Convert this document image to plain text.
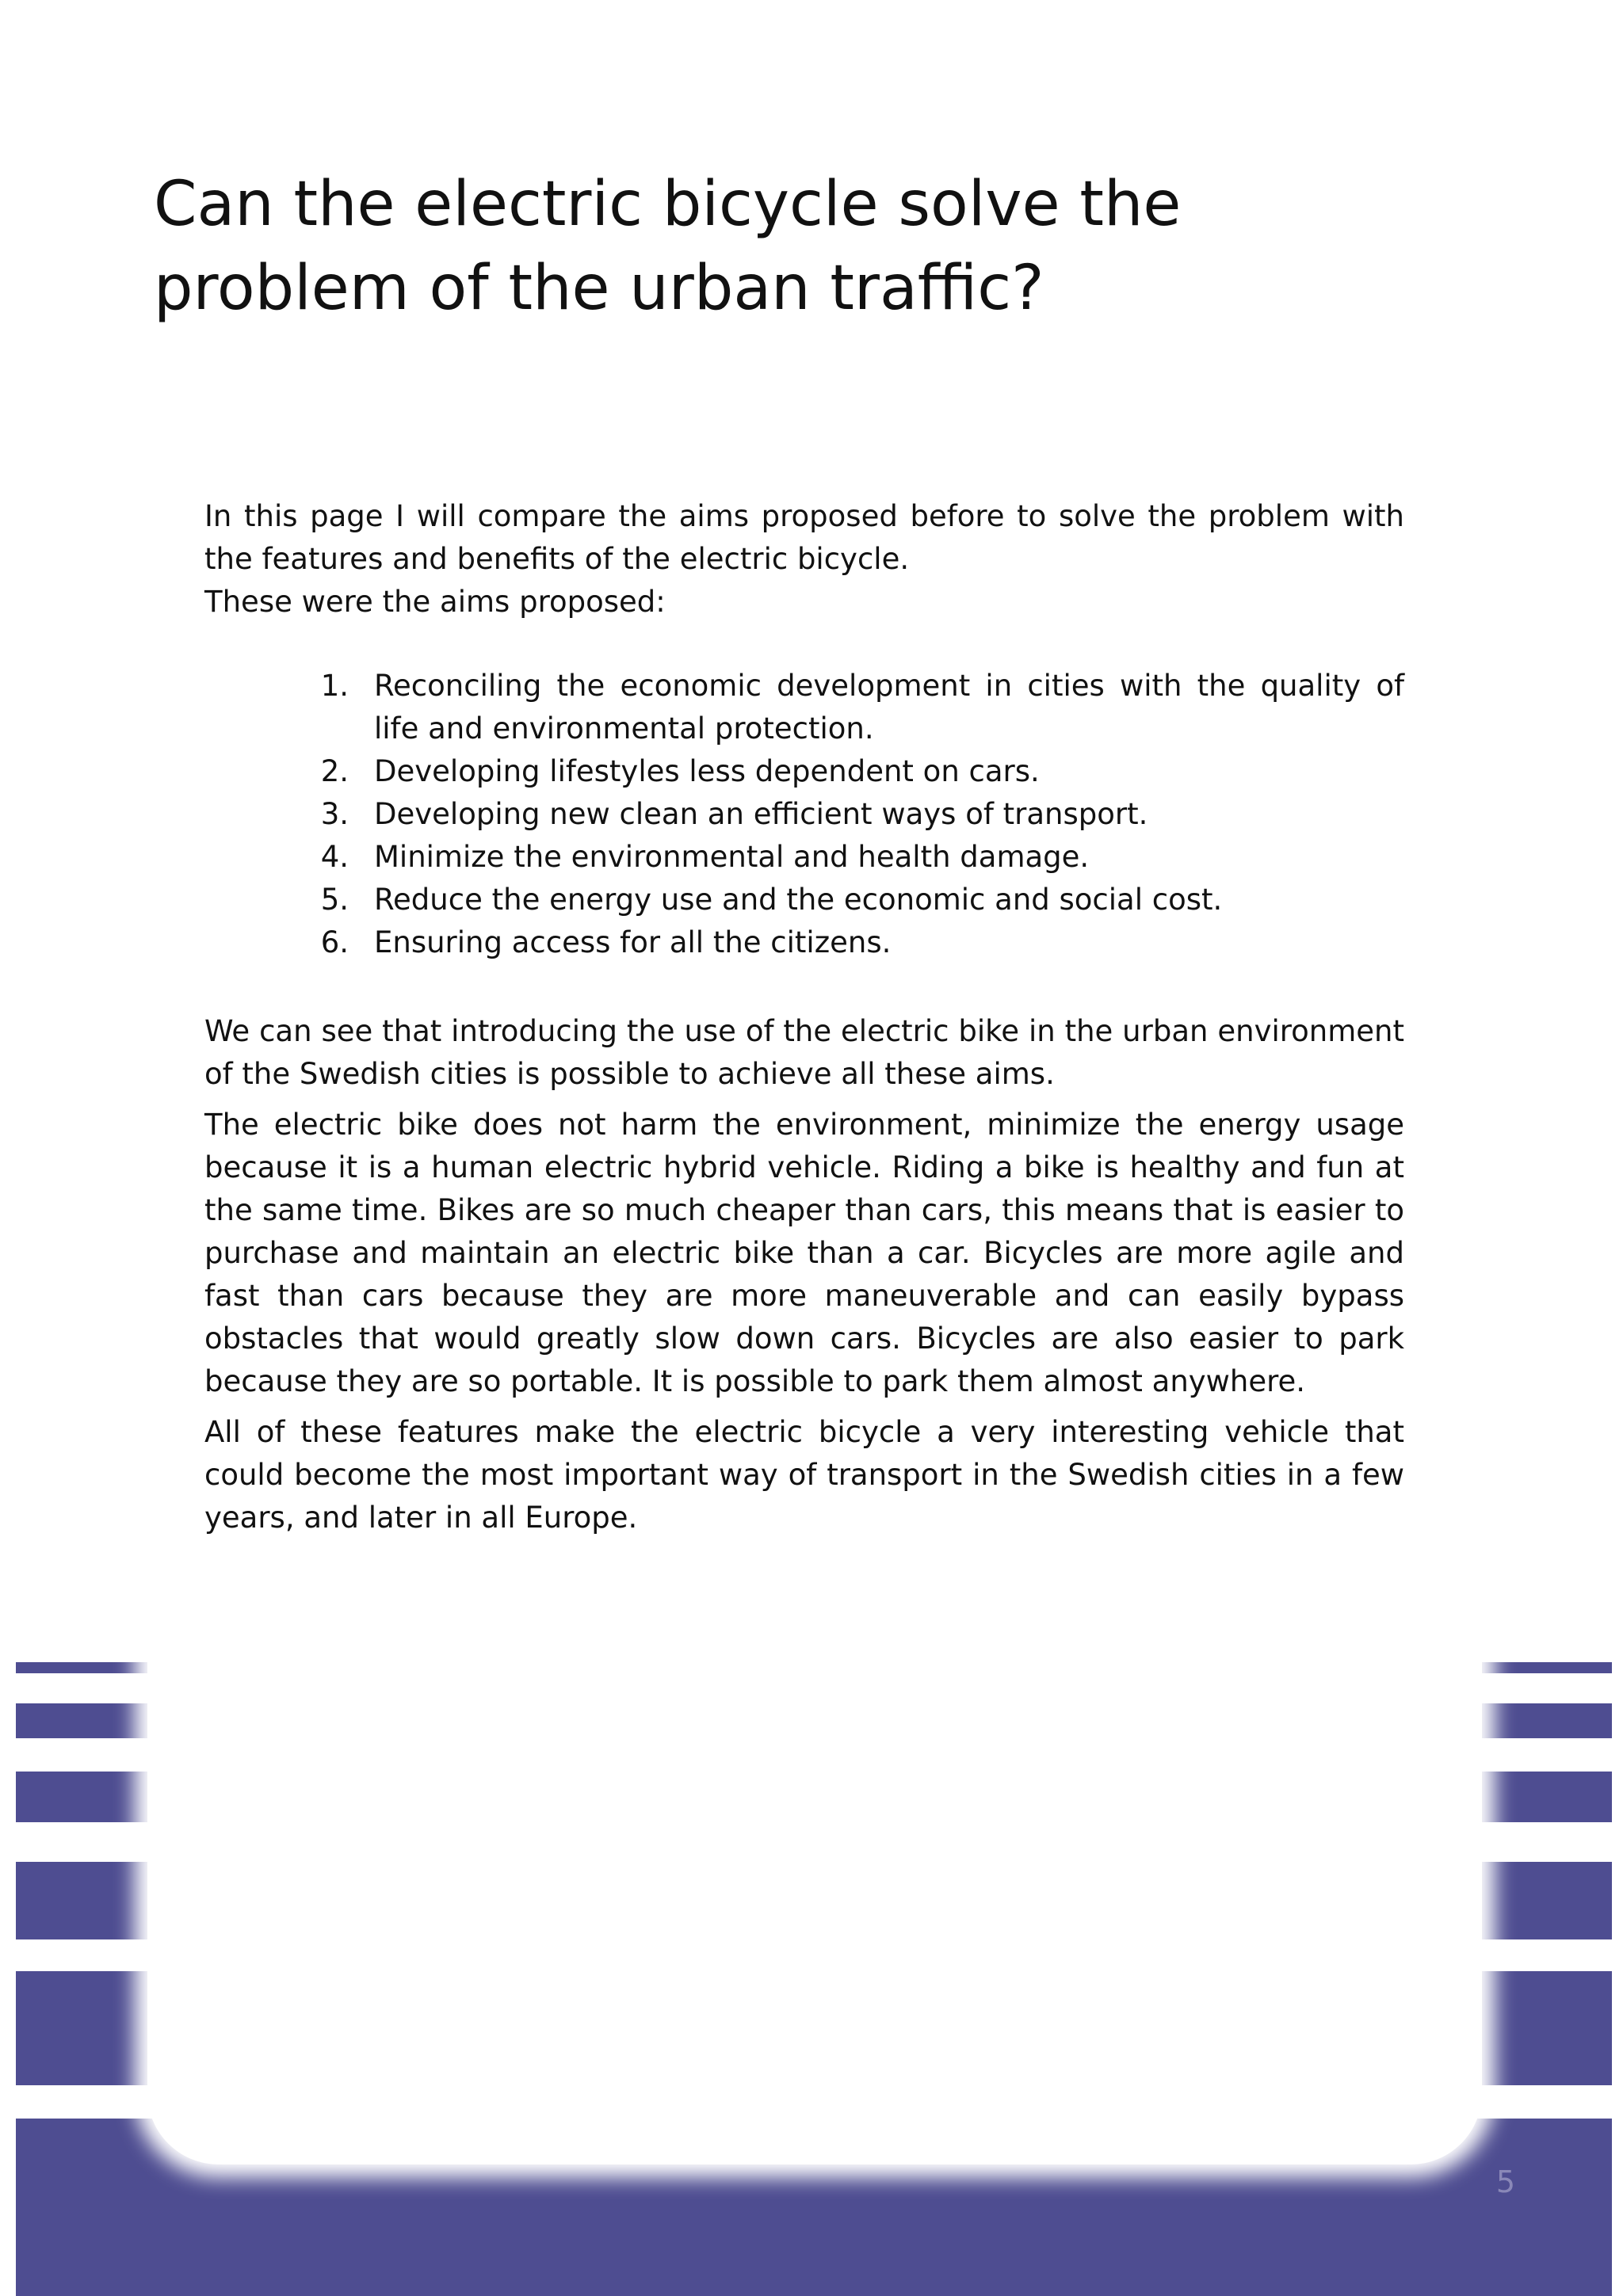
Can the electric bicycle solve the problem of the urban traffic?

In this page I will compare the aims proposed before to solve the problem with the features and benefits of the electric bicycle.

These were the aims proposed:

1. Reconciling the economic development in cities with the quality of life and environmental protection.
2. Developing lifestyles less dependent on cars.
3. Developing new clean an efficient ways of transport.
4. Minimize the environmental and health damage.
5. Reduce the energy use and the economic and social cost.
6. Ensuring access for all the citizens.

We can see that introducing the use of the electric bike in the urban environment of the Swedish cities is possible to achieve all these aims.

The electric bike does not harm the environment, minimize the energy usage because it is a human electric hybrid vehicle. Riding a bike is healthy and fun at the same time. Bikes are so much cheaper than cars, this means that is easier to purchase and maintain an electric bike than a car. Bicycles are more agile and fast than cars because they are more maneuverable and can easily bypass obstacles that would greatly slow down cars. Bicycles are also easier to park because they are so portable. It is possible to park them almost anywhere.

All of these features make the electric bicycle a very interesting vehicle that could become the most important way of transport in the Swedish cities in a few years, and later in all Europe.

5
